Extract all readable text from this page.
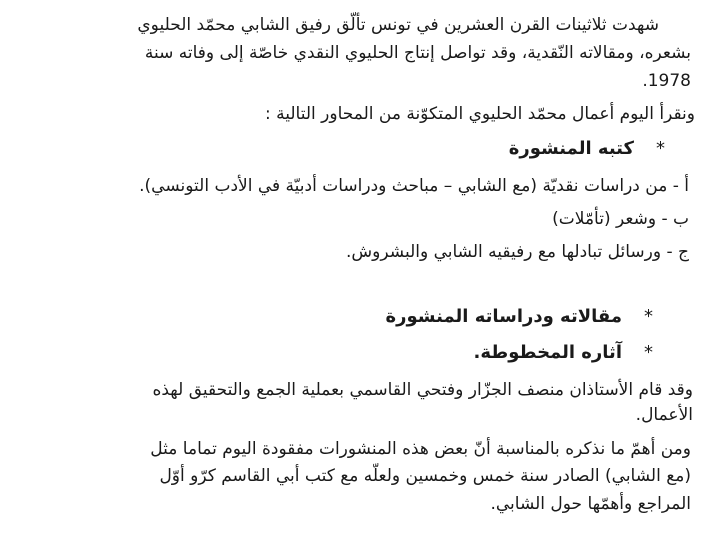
شهدت ثلاثينات القرن العشرين في تونس تألّق رفيق الشابي محمّد الحليوي
بشعره، ومقالاته النّقدية، وقد تواصل إنتاج الحليوي النقدي خاصّة إلى وفاته سنة
1978.
ونقرأ اليوم أعمال محمّد الحليوي المتكوّنة من المحاور التالية :
*كتبه المنشورة
أ - من دراسات نقديّة (مع الشابي – مباحث ودراسات أدبيّة في الأدب التونسي).
ب - وشعر (تأمّلات)
ج - ورسائل تبادلها مع رفيقيه الشابي والبشروش.
*مقالاته ودراساته المنشورة
*آثاره المخطوطة.
وقد قام الأستاذان منصف الجزّار وفتحي القاسمي بعملية الجمع والتحقيق لهذه
الأعمال.
ومن أهمّ ما نذكره بالمناسبة أنّ بعض هذه المنشورات مفقودة اليوم تماما مثل
(مع الشابي) الصادر سنة خمس وخمسين ولعلّه مع كتب أبي القاسم كرّو أوّل
المراجع وأهمّها حول الشابي.
